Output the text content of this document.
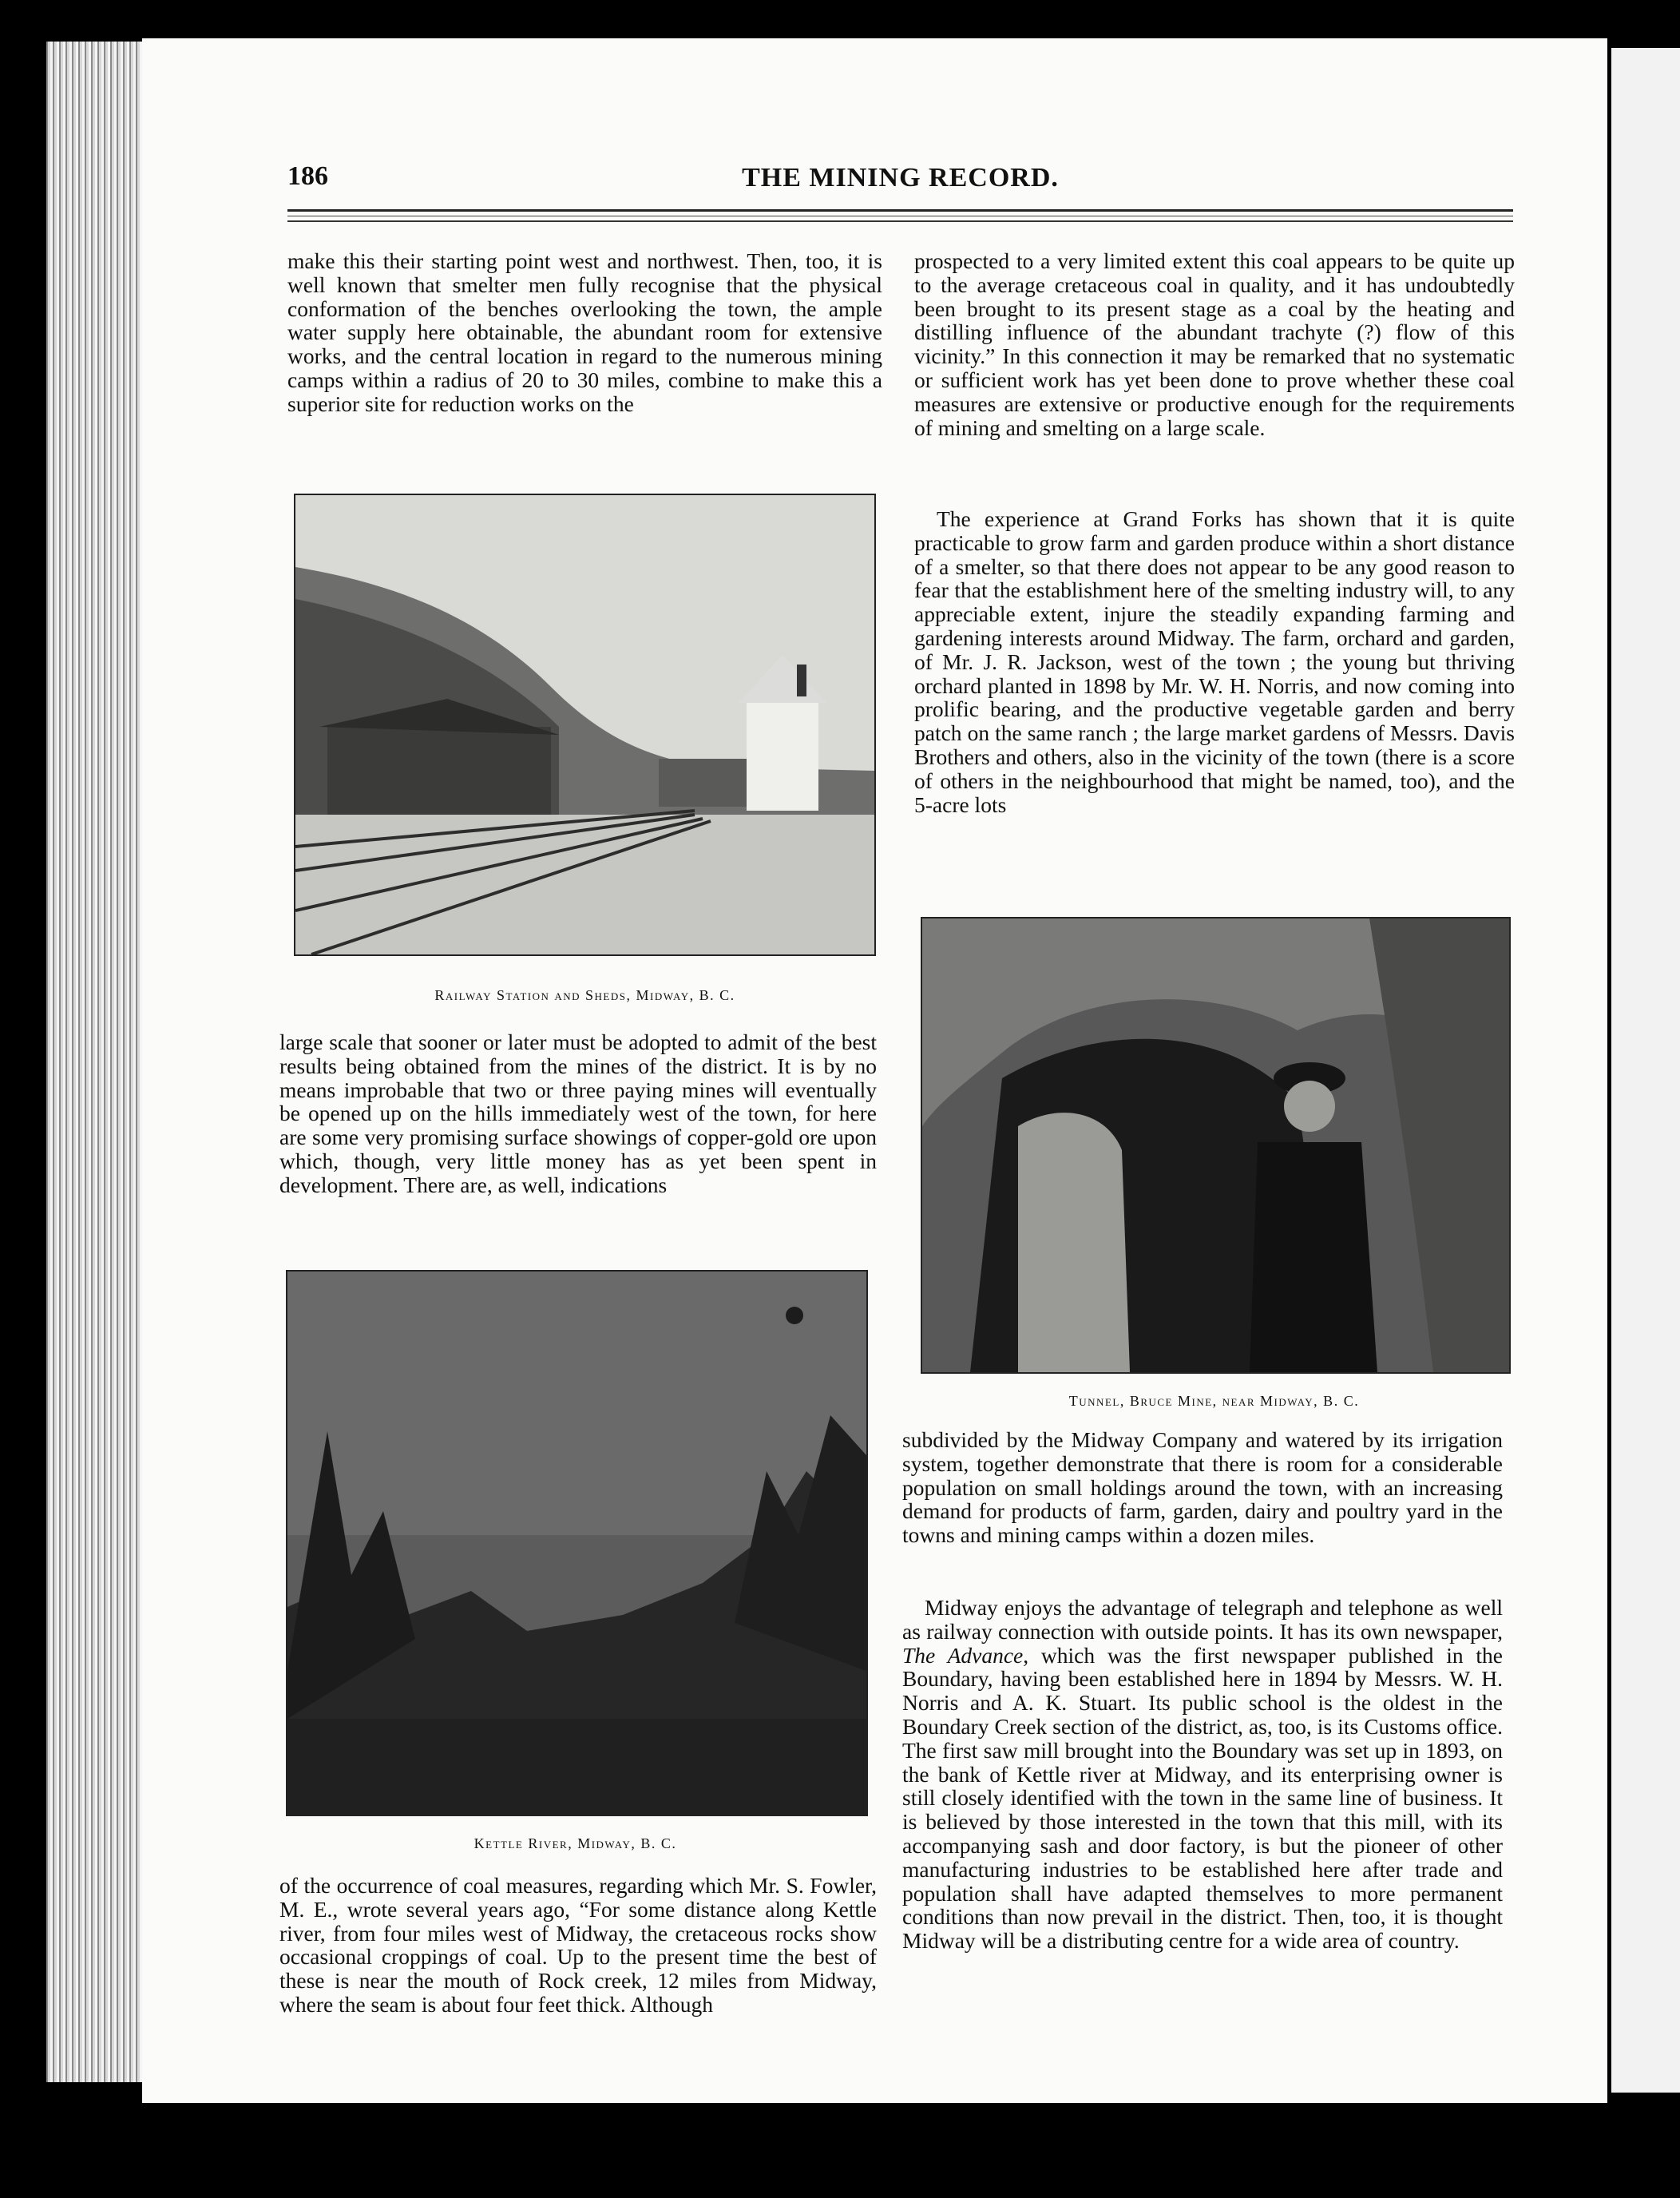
186	THE MINING RECORD.

make this their starting point west and northwest. Then, too, it is well known that smelter men fully recognise that the physical conformation of the benches overlooking the town, the ample water supply here obtainable, the abundant room for extensive works, and the central location in regard to the numerous mining camps within a radius of 20 to 30 miles, combine to make this a superior site for reduction works on the

Railway Station and Sheds, Midway, B. C.

large scale that sooner or later must be adopted to admit of the best results being obtained from the mines of the district. It is by no means improbable that two or three paying mines will eventually be opened up on the hills immediately west of the town, for here are some very promising surface showings of copper-gold ore upon which, though, very little money has as yet been spent in development. There are, as well, indications

Kettle River, Midway, B. C.

of the occurrence of coal measures, regarding which Mr. S. Fowler, M. E., wrote several years ago, “For some distance along Kettle river, from four miles west of Midway, the cretaceous rocks show occasional croppings of coal. Up to the present time the best of these is near the mouth of Rock creek, 12 miles from Midway, where the seam is about four feet thick. Although

prospected to a very limited extent this coal appears to be quite up to the average cretaceous coal in quality, and it has undoubtedly been brought to its present stage as a coal by the heating and distilling influence of the abundant trachyte (?) flow of this vicinity.” In this connection it may be remarked that no systematic or sufficient work has yet been done to prove whether these coal measures are extensive or productive enough for the requirements of mining and smelting on a large scale.

The experience at Grand Forks has shown that it is quite practicable to grow farm and garden produce within a short distance of a smelter, so that there does not appear to be any good reason to fear that the establishment here of the smelting industry will, to any appreciable extent, injure the steadily expanding farming and gardening interests around Midway. The farm, orchard and garden, of Mr. J. R. Jackson, west of the town ; the young but thriving orchard planted in 1898 by Mr. W. H. Norris, and now coming into prolific bearing, and the productive vegetable garden and berry patch on the same ranch ; the large market gardens of Messrs. Davis Brothers and others, also in the vicinity of the town (there is a score of others in the neighbourhood that might be named, too), and the 5-acre lots

Tunnel, Bruce Mine, near Midway, B. C.

subdivided by the Midway Company and watered by its irrigation system, together demonstrate that there is room for a considerable population on small holdings around the town, with an increasing demand for products of farm, garden, dairy and poultry yard in the towns and mining camps within a dozen miles.

Midway enjoys the advantage of telegraph and telephone as well as railway connection with outside points. It has its own newspaper, The Advance, which was the first newspaper published in the Boundary, having been established here in 1894 by Messrs. W. H. Norris and A. K. Stuart. Its public school is the oldest in the Boundary Creek section of the district, as, too, is its Customs office. The first saw mill brought into the Boundary was set up in 1893, on the bank of Kettle river at Midway, and its enterprising owner is still closely identified with the town in the same line of business. It is believed by those interested in the town that this mill, with its accompanying sash and door factory, is but the pioneer of other manufacturing industries to be established here after trade and population shall have adapted themselves to more permanent conditions than now prevail in the district. Then, too, it is thought Midway will be a distributing centre for a wide area of country.
